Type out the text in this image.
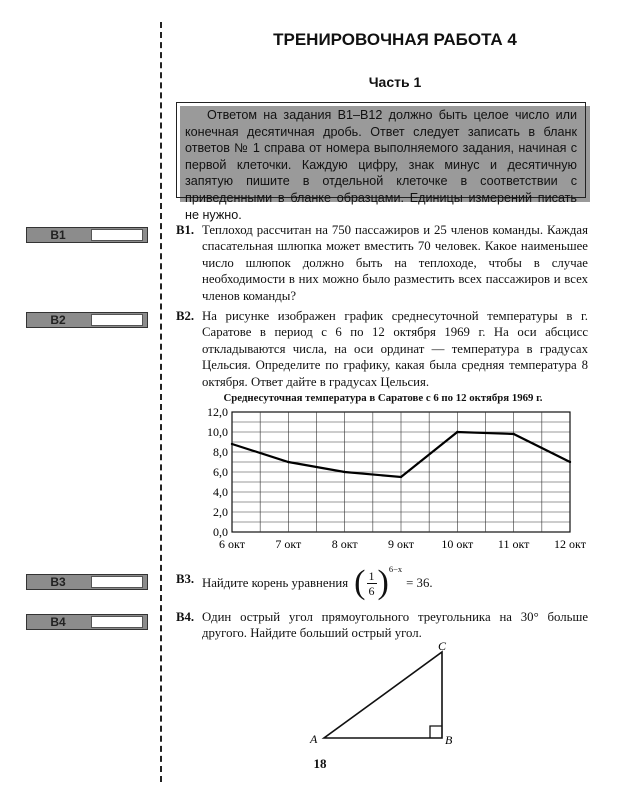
ТРЕНИРОВОЧНАЯ РАБОТА 4
Часть 1
Ответом на задания В1–В12 должно быть целое число или конечная десятичная дробь. Ответ следует записать в бланк ответов № 1 справа от номера выполняемого задания, начиная с первой клеточки. Каждую цифру, знак минус и десятичную запятую пишите в отдельной клеточке в соответствии с приведенными в бланке образцами. Единицы измерений писать не нужно.
В1
В2
В3
В4
В1. Теплоход рассчитан на 750 пассажиров и 25 членов команды. Каждая спасательная шлюпка может вместить 70 человек. Какое наименьшее число шлюпок должно быть на теплоходе, чтобы в случае необходимости в них можно было разместить всех пассажиров и всех членов команды?
В2. На рисунке изображен график среднесуточной температуры в г. Саратове в период с 6 по 12 октября 1969 г. На оси абсцисс откладываются числа, на оси ординат — температура в градусах Цельсия. Определите по графику, какая была средняя температура 8 октября. Ответ дайте в градусах Цельсия.
Среднесуточная температура в Саратове с 6 по 12 октября 1969 г.
0,0
2,0
4,0
6,0
8,0
10,0
12,0
6 окт	7 окт	8 окт	9 окт 10 окт 11 окт 12 окт
В3. Найдите корень уравнения ( $\frac{1}{6}$ ) 6−x
= 36.
В4. Один острый угол прямоугольного треугольника на 30° больше другого. Найдите больший острый угол.
A	B
C
18
